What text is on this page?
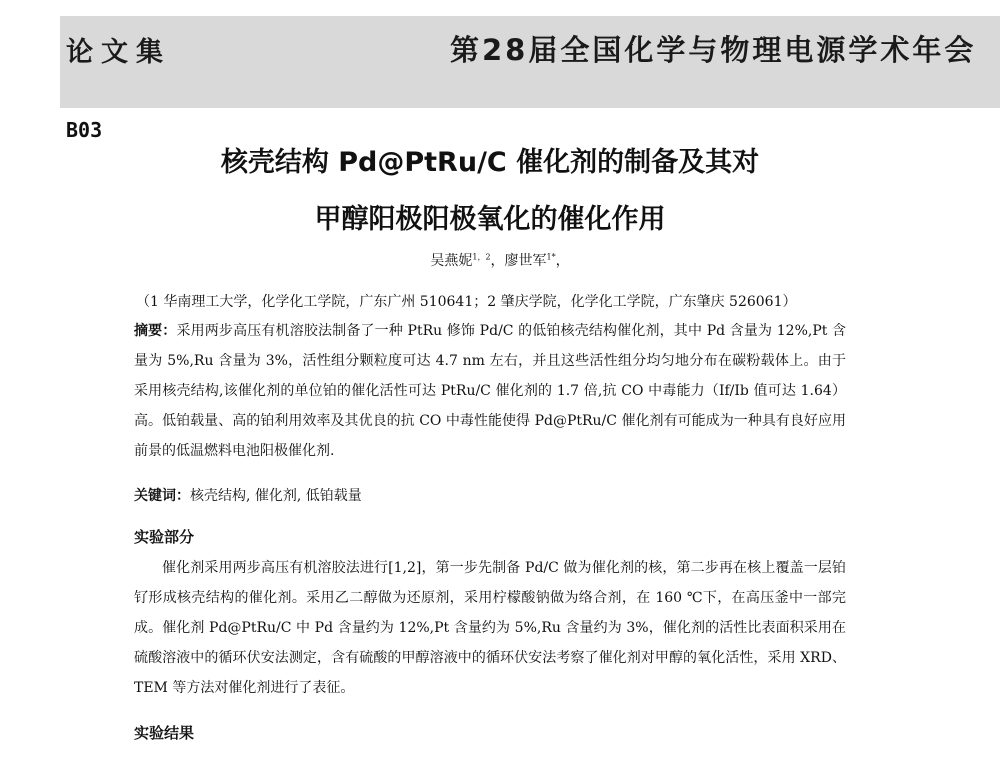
论文集	第28届全国化学与物理电源学术年会
B03
核壳结构 Pd@PtRu/C 催化剂的制备及其对
甲醇阳极阳极氧化的催化作用
吴燕妮$^{1,2}$，廖世军$^{1*}$，
（1 华南理工大学，化学化工学院，广东广州 510641；2 肇庆学院，化学化工学院，广东肇庆 526061）
摘要：采用两步高压有机溶胶法制备了一种 PtRu 修饰 Pd/C 的低铂核壳结构催化剂，其中 Pd 含量为 12%,Pt 含量为 5%,Ru 含量为 3%，活性组分颗粒度可达 4.7 nm 左右，并且这些活性组分均匀地分布在碳粉载体上。由于采用核壳结构,该催化剂的单位铂的催化活性可达 PtRu/C 催化剂的 1.7 倍,抗 CO 中毒能力（If/Ib 值可达 1.64）高。低铂载量、高的铂利用效率及其优良的抗 CO 中毒性能使得 Pd@PtRu/C 催化剂有可能成为一种具有良好应用前景的低温燃料电池阳极催化剂.
关键词：核壳结构, 催化剂, 低铂载量
实验部分
催化剂采用两步高压有机溶胶法进行[1,2]，第一步先制备 Pd/C 做为催化剂的核，第二步再在核上覆盖一层铂钌形成核壳结构的催化剂。采用乙二醇做为还原剂，采用柠檬酸钠做为络合剂，在 160 ℃下，在高压釜中一部完成。催化剂 Pd@PtRu/C 中 Pd 含量约为 12%,Pt 含量约为 5%,Ru 含量约为 3%，催化剂的活性比表面积采用在硫酸溶液中的循环伏安法测定，含有硫酸的甲醇溶液中的循环伏安法考察了催化剂对甲醇的氧化活性，采用 XRD、TEM 等方法对催化剂进行了表征。
实验结果
